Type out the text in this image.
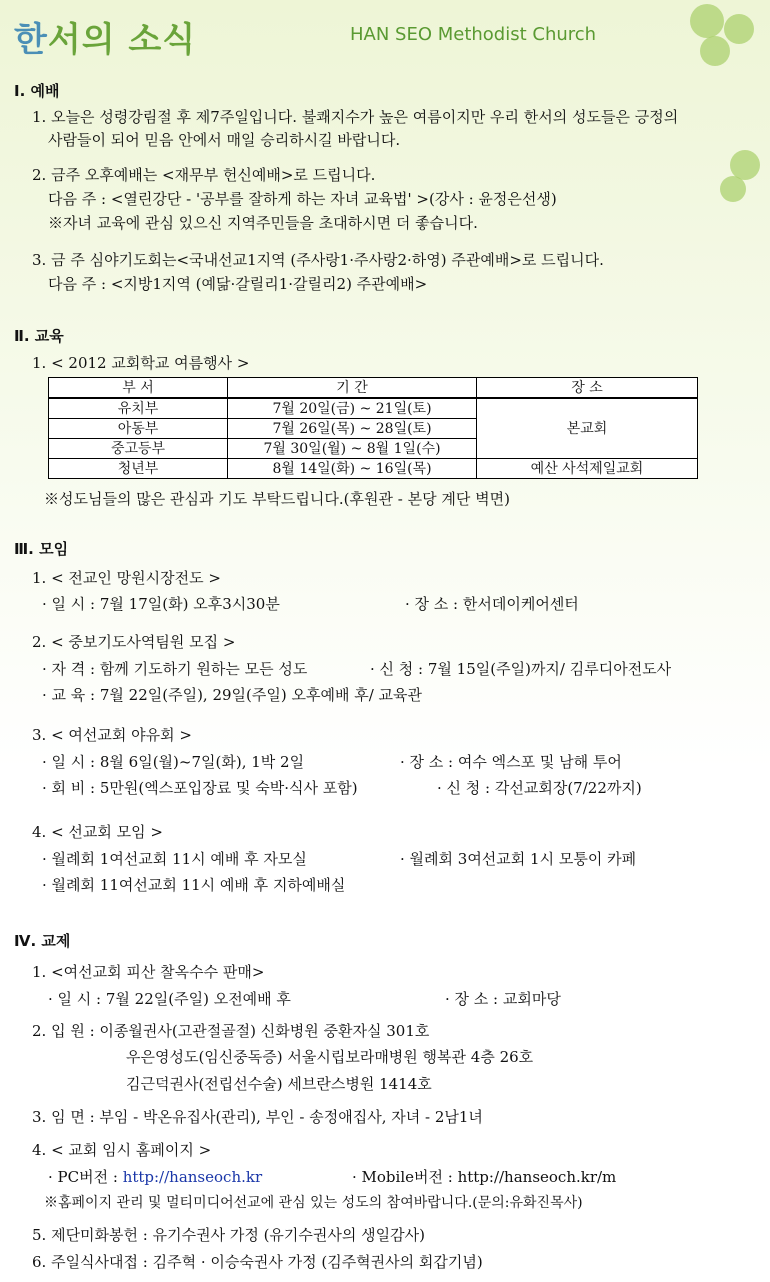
한서의 소식	HAN SEO Methodist Church
Ⅰ. 예배
1. 오늘은 성령강림절 후 제7주일입니다. 불쾌지수가 높은 여름이지만 우리 한서의 성도들은 긍정의
사람들이 되어 믿음 안에서 매일 승리하시길 바랍니다.
2. 금주 오후예배는 <재무부 헌신예배>로 드립니다.
다음 주 : <열린강단 - '공부를 잘하게 하는 자녀 교육법' >(강사 : 윤정은선생)
※자녀 교육에 관심 있으신 지역주민들을 초대하시면 더 좋습니다.
3. 금 주 심야기도회는<국내선교1지역 (주사랑1·주사랑2·하영) 주관예배>로 드립니다.
다음 주 : <지방1지역 (예닮·갈릴리1·갈릴리2) 주관예배>
Ⅱ. 교육
1. < 2012 교회학교 여름행사 >
부 서	기 간	장 소
유치부	7월 20일(금) ~ 21일(토)	본교회
아동부	7월 26일(목) ~ 28일(토)	
중고등부	7월 30일(월) ~ 8월 1일(수)	
청년부	8월 14일(화) ~ 16일(목)	예산 사석제일교회
※성도님들의 많은 관심과 기도 부탁드립니다.(후원관 - 본당 계단 벽면)
Ⅲ. 모임
1. < 전교인 망원시장전도 >
· 일 시 : 7월 17일(화) 오후3시30분	· 장 소 : 한서데이케어센터
2. < 중보기도사역팀원 모집 >
· 자 격 : 함께 기도하기 원하는 모든 성도	· 신 청 : 7월 15일(주일)까지/ 김루디아전도사
· 교 육 : 7월 22일(주일), 29일(주일) 오후예배 후/ 교육관
3. < 여선교회 야유회 >
· 일 시 : 8월 6일(월)~7일(화), 1박 2일	· 장 소 : 여수 엑스포 및 남해 투어
· 회 비 : 5만원(엑스포입장료 및 숙박·식사 포함)	· 신 청 : 각선교회장(7/22까지)
4. < 선교회 모임 >
· 월례회 1여선교회 11시 예배 후 자모실	· 월례회 3여선교회 1시 모퉁이 카페
· 월례회 11여선교회 11시 예배 후 지하예배실
Ⅳ. 교제
1. <여선교회 피산 찰옥수수 판매>
· 일 시 : 7월 22일(주일) 오전예배 후	· 장 소 : 교회마당
2. 입 원 : 이종월권사(고관절골절) 신화병원 중환자실 301호
우은영성도(임신중독증) 서울시립보라매병원 행복관 4층 26호
김근덕권사(전립선수술) 세브란스병원 1414호
3. 임 면 : 부임 - 박온유집사(관리), 부인 - 송정애집사, 자녀 - 2남1녀
4. < 교회 임시 홈페이지 >
· PC버전 : http://hanseoch.kr	· Mobile버전 : http://hanseoch.kr/m
※홈페이지 관리 및 멀티미디어선교에 관심 있는 성도의 참여바랍니다.(문의:유화진목사)
5. 제단미화봉헌 : 유기수권사 가정 (유기수권사의 생일감사)
6. 주일식사대접 : 김주혁 · 이승숙권사 가정 (김주혁권사의 회갑기념)
